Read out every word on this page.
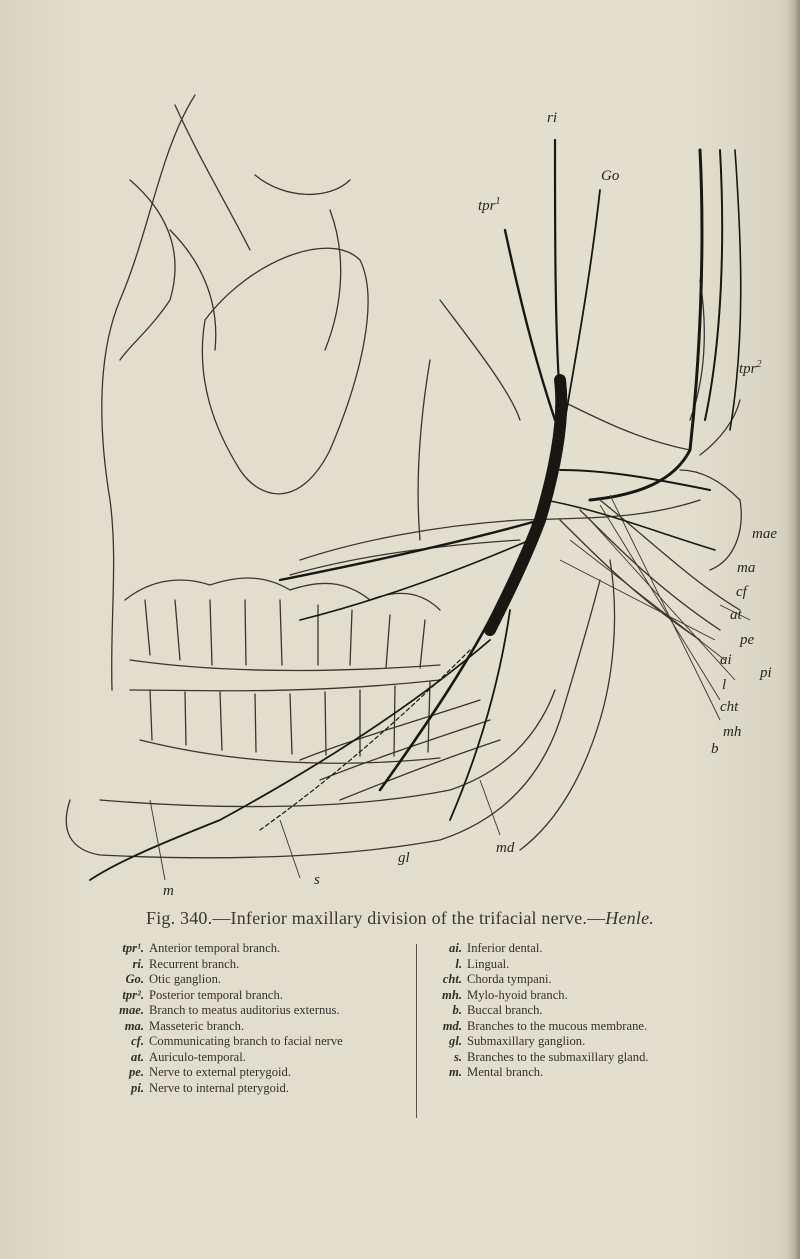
ri
Go
tpr$^1$
tpr$^2$
mae
ma
cf
at
pe
ai
pi
l
cht
mh
b
md
gl
s
m
Fig. 340.—Inferior maxillary division of the trifacial nerve.—Henle.
tpr¹. Anterior temporal branch.
ri. Recurrent branch.
Go. Otic ganglion.
tpr². Posterior temporal branch.
mae. Branch to meatus auditorius externus.
ma. Masseteric branch.
cf. Communicating branch to facial nerve
at. Auriculo-temporal.
pe. Nerve to external pterygoid.
pi. Nerve to internal pterygoid.
ai. Inferior dental.
l. Lingual.
cht. Chorda tympani.
mh. Mylo-hyoid branch.
b. Buccal branch.
md. Branches to the mucous membrane.
gl. Submaxillary ganglion.
s. Branches to the submaxillary gland.
m. Mental branch.
